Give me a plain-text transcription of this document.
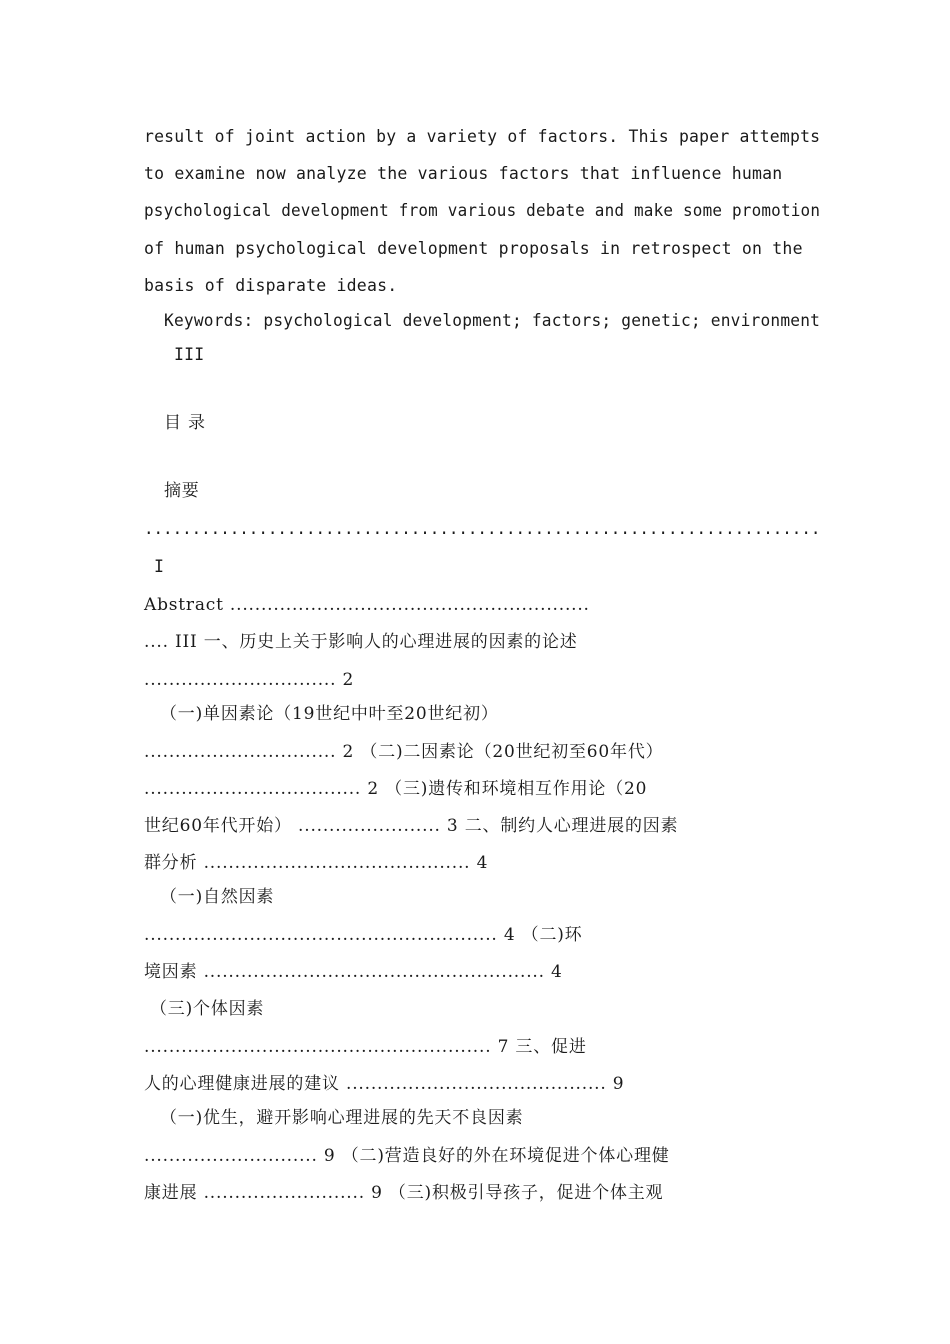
result of joint action by a variety of factors. This paper attempts
to examine now analyze the various factors that influence human
psychological development from various debate and make some promotion
of human psychological development proposals in retrospect on the
basis of disparate ideas.
Keywords: psychological development; factors; genetic; environment
III
目 录
摘要
.......................................................................
I
Abstract ..........................................................
.... III 一、历史上关于影响人的心理进展的因素的论述
............................... 2
（一)单因素论（19世纪中叶至20世纪初）
............................... 2 （二)二因素论（20世纪初至60年代）
................................... 2 （三)遗传和环境相互作用论（20
世纪60年代开始） ....................... 3 二、制约人心理进展的因素
群分析 ........................................... 4
（一)自然因素
......................................................... 4 （二)环
境因素 ....................................................... 4
（三)个体因素
........................................................ 7 三、促进
人的心理健康进展的建议 .......................................... 9
（一)优生，避开影响心理进展的先天不良因素
............................ 9 （二)营造良好的外在环境促进个体心理健
康进展 .......................... 9 （三)积极引导孩子，促进个体主观
